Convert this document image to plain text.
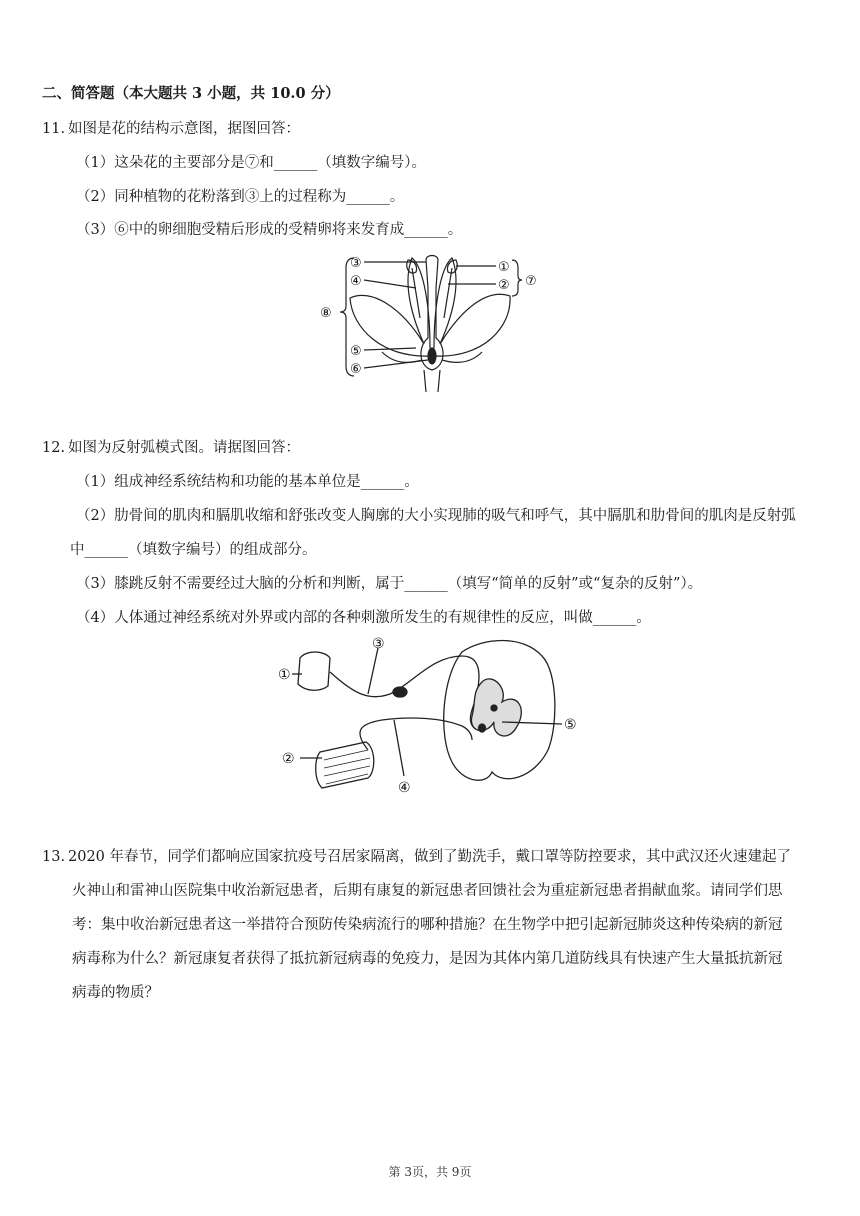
二、简答题（本大题共 3 小题，共 10.0 分）
11. 如图是花的结构示意图，据图回答：
（1）这朵花的主要部分是⑦和______（填数字编号）。
（2）同种植物的花粉落到③上的过程称为______。
（3）⑥中的卵细胞受精后形成的受精卵将来发育成______。
③
④
⑧
⑤
⑥
①
② ⑦
12. 如图为反射弧模式图。请据图回答：
（1）组成神经系统结构和功能的基本单位是______。
（2）肋骨间的肌肉和膈肌收缩和舒张改变人胸廓的大小实现肺的吸气和呼气，其中膈肌和肋骨间的肌肉是反射弧
中______（填数字编号）的组成部分。
（3）膝跳反射不需要经过大脑的分析和判断，属于______（填写“简单的反射”或“复杂的反射”）。
（4）人体通过神经系统对外界或内部的各种刺激所发生的有规律性的反应，叫做______。
①
②
③
④
⑤
13. 2020 年春节，同学们都响应国家抗疫号召居家隔离，做到了勤洗手，戴口罩等防控要求，其中武汉还火速建起了
火神山和雷神山医院集中收治新冠患者，后期有康复的新冠患者回馈社会为重症新冠患者捐献血浆。请同学们思
考：集中收治新冠患者这一举措符合预防传染病流行的哪种措施？在生物学中把引起新冠肺炎这种传染病的新冠
病毒称为什么？新冠康复者获得了抵抗新冠病毒的免疫力，是因为其体内第几道防线具有快速产生大量抵抗新冠
病毒的物质？
第 3页，共 9页
